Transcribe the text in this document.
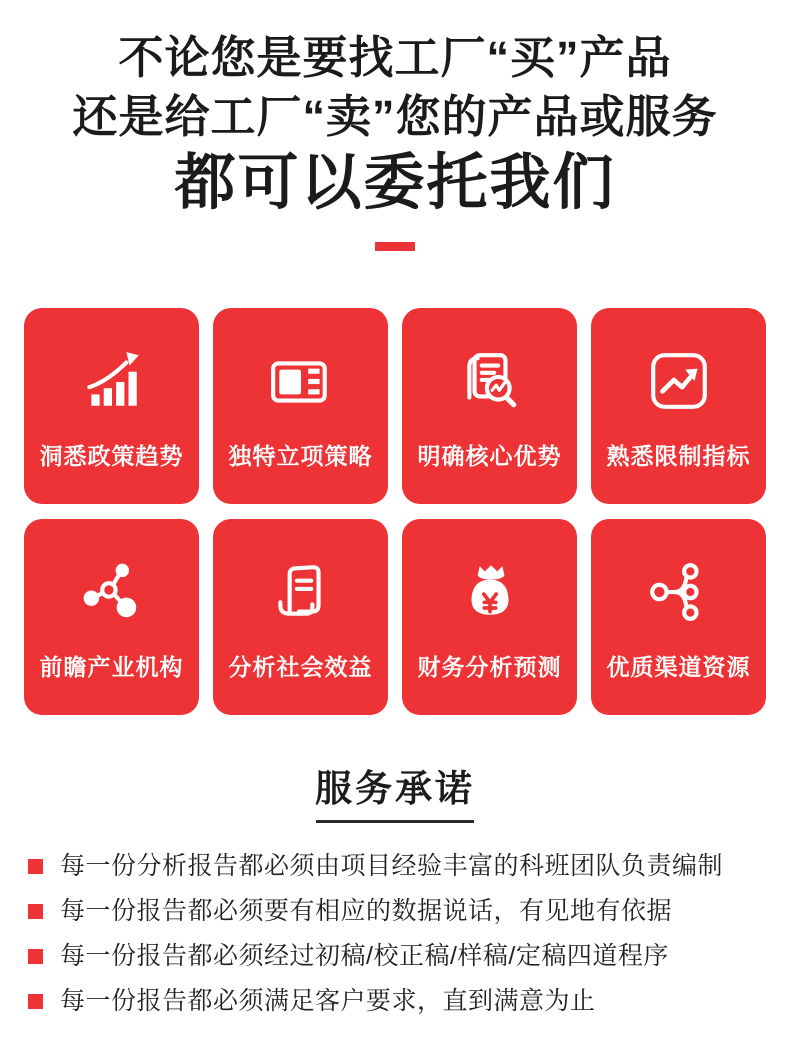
不论您是要找工厂“买”产品
还是给工厂“卖”您的产品或服务
都可以委托我们
洞悉政策趋势	独特立项策略	明确核心优势	熟悉限制指标
前瞻产业机构	分析社会效益	财务分析预测	优质渠道资源
服务承诺
每一份分析报告都必须由项目经验丰富的科班团队负责编制
每一份报告都必须要有相应的数据说话，有见地有依据
每一份报告都必须经过初稿/校正稿/样稿/定稿四道程序
每一份报告都必须满足客户要求，直到满意为止
